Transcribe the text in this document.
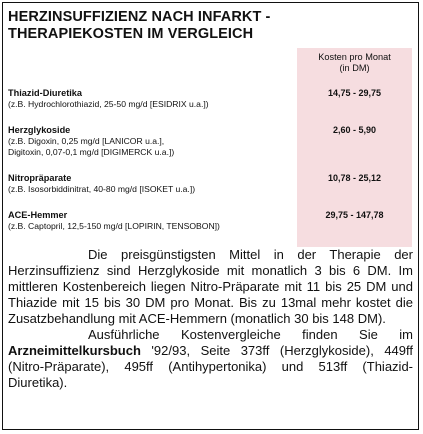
HERZINSUFFIZIENZ NACH INFARKT -
THERAPIEKOSTEN IM VERGLEICH
Kosten pro Monat
(in DM)
Thiazid-Diuretika
(z.B. Hydrochlorothiazid, 25-50 mg/d [ESIDRIX u.a.])
14,75 - 29,75
Herzglykoside
(z.B. Digoxin, 0,25 mg/d [LANICOR u.a.],
Digitoxin, 0,07-0,1 mg/d [DIGIMERCK u.a.])
2,60 - 5,90
Nitropräparate
(z.B. Isosorbiddinitrat, 40-80 mg/d [ISOKET u.a.])
10,78 - 25,12
ACE-Hemmer
(z.B. Captopril, 12,5-150 mg/d [LOPIRIN, TENSOBON])
29,75 - 147,78

Die preisgünstigsten Mittel in der Therapie der Herzinsuffizienz sind Herzglykoside mit monatlich 3 bis 6 DM. Im mittleren Kostenbereich liegen Nitro-Präparate mit 11 bis 25 DM und Thiazide mit 15 bis 30 DM pro Monat. Bis zu 13mal mehr kostet die Zusatzbehandlung mit ACE-Hemmern (monatlich 30 bis 148 DM).

Ausführliche Kostenvergleiche finden Sie im Arzneimittelkursbuch '92/93, Seite 373ff (Herzglykoside), 449ff (Nitro-Präparate), 495ff (Antihypertonika) und 513ff (Thiazid-Diuretika).
